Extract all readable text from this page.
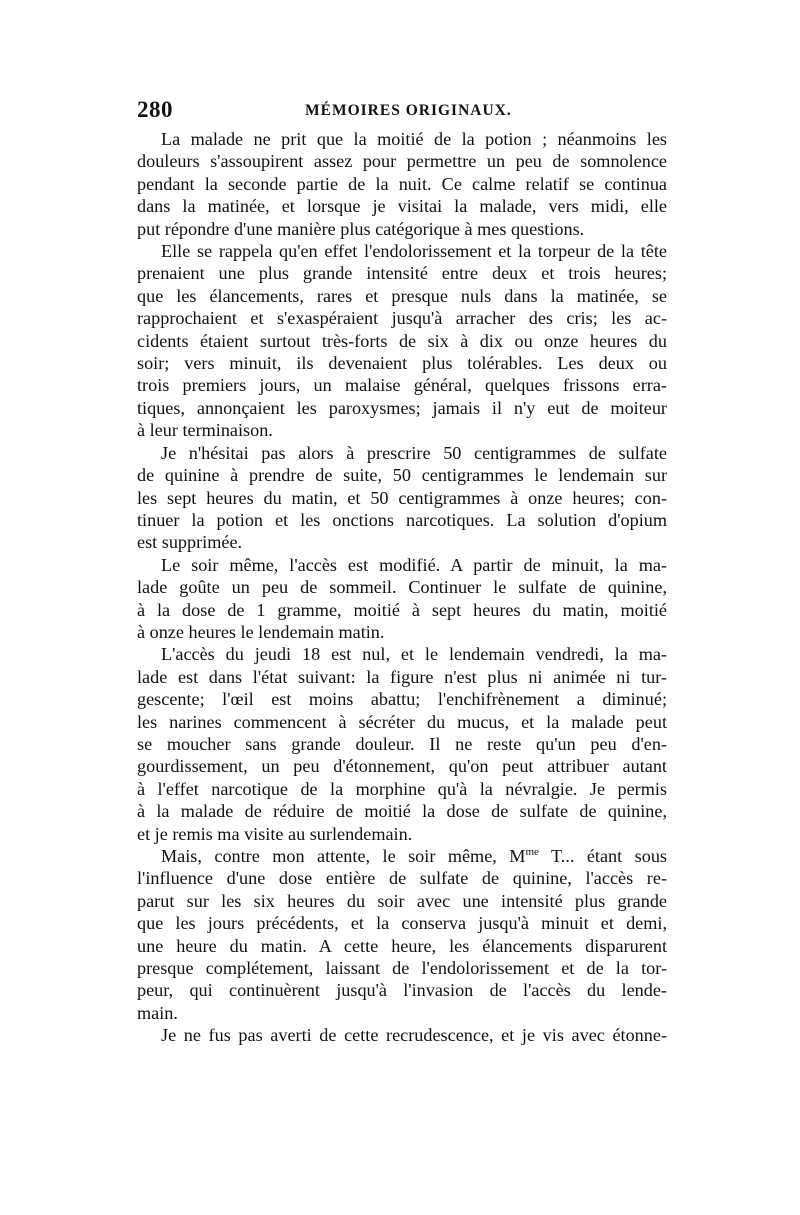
280	MÉMOIRES ORIGINAUX.

La malade ne prit que la moitié de la potion ; néanmoins les
douleurs s'assoupirent assez pour permettre un peu de somnolence
pendant la seconde partie de la nuit. Ce calme relatif se continua
dans la matinée, et lorsque je visitai la malade, vers midi, elle
put répondre d'une manière plus catégorique à mes questions.

Elle se rappela qu'en effet l'endolorissement et la torpeur de la tête
prenaient une plus grande intensité entre deux et trois heures;
que les élancements, rares et presque nuls dans la matinée, se
rapprochaient et s'exaspéraient jusqu'à arracher des cris; les ac-
cidents étaient surtout très-forts de six à dix ou onze heures du
soir; vers minuit, ils devenaient plus tolérables. Les deux ou
trois premiers jours, un malaise général, quelques frissons erra-
tiques, annonçaient les paroxysmes; jamais il n'y eut de moiteur
à leur terminaison.

Je n'hésitai pas alors à prescrire 50 centigrammes de sulfate
de quinine à prendre de suite, 50 centigrammes le lendemain sur
les sept heures du matin, et 50 centigrammes à onze heures; con-
tinuer la potion et les onctions narcotiques. La solution d'opium
est supprimée.

Le soir même, l'accès est modifié. A partir de minuit, la ma-
lade goûte un peu de sommeil. Continuer le sulfate de quinine,
à la dose de 1 gramme, moitié à sept heures du matin, moitié
à onze heures le lendemain matin.

L'accès du jeudi 18 est nul, et le lendemain vendredi, la ma-
lade est dans l'état suivant: la figure n'est plus ni animée ni tur-
gescente; l'œil est moins abattu; l'enchifrènement a diminué;
les narines commencent à sécréter du mucus, et la malade peut
se moucher sans grande douleur. Il ne reste qu'un peu d'en-
gourdissement, un peu d'étonnement, qu'on peut attribuer autant
à l'effet narcotique de la morphine qu'à la névralgie. Je permis
à la malade de réduire de moitié la dose de sulfate de quinine,
et je remis ma visite au surlendemain.

Mais, contre mon attente, le soir même, $M^{me}$ T... étant sous
l'influence d'une dose entière de sulfate de quinine, l'accès re-
parut sur les six heures du soir avec une intensité plus grande
que les jours précédents, et la conserva jusqu'à minuit et demi,
une heure du matin. A cette heure, les élancements disparurent
presque complétement, laissant de l'endolorissement et de la tor-
peur, qui continuèrent jusqu'à l'invasion de l'accès du lende-
main.

Je ne fus pas averti de cette recrudescence, et je vis avec étonne-
